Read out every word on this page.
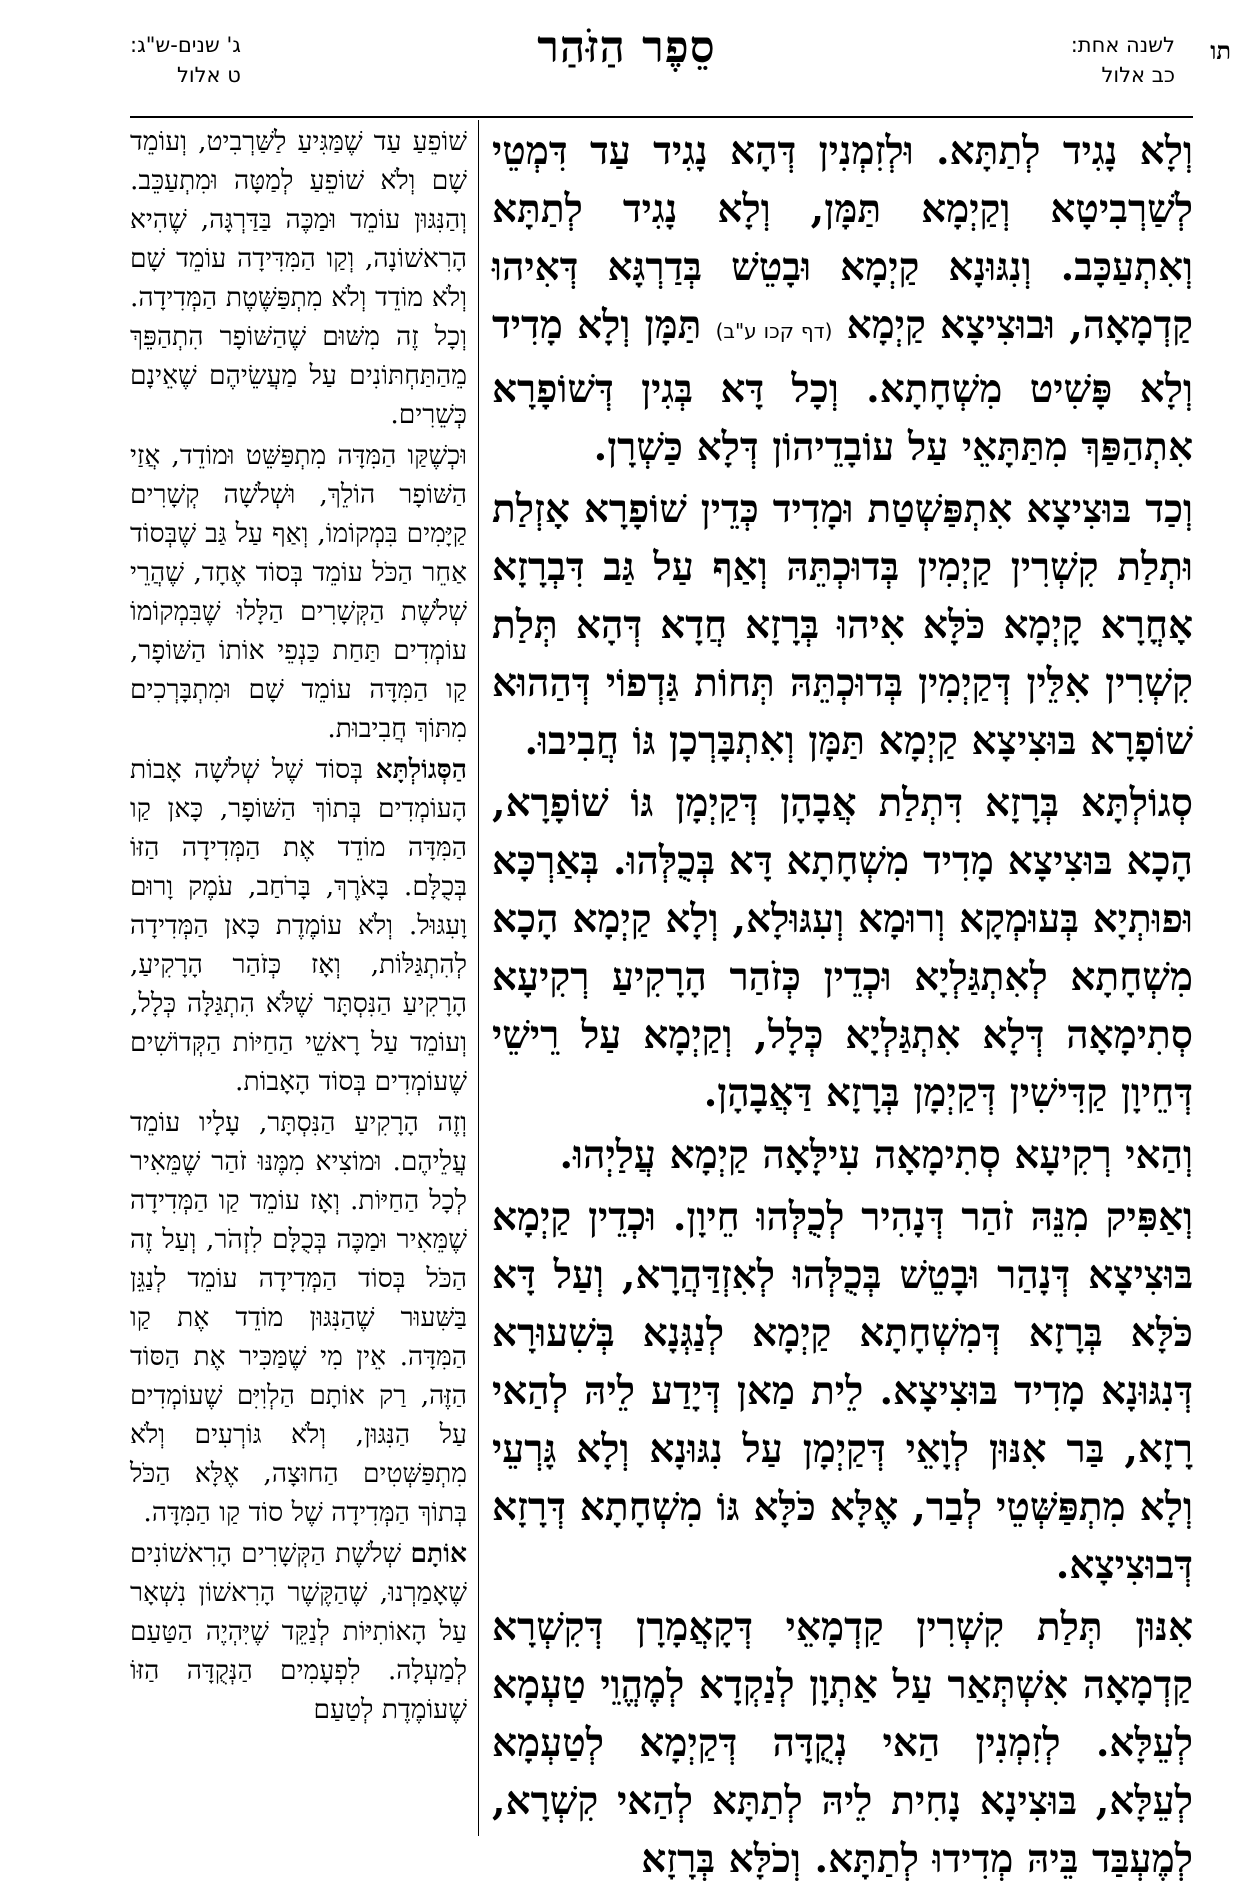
תו
לשנה אחת:
כב אלול
סֵפֶר הַזֹּהַר
ג' שנים-ש"ג:
ט אלול

וְלָא נָגִיד לְתַתָּא. וּלְזִמְנִין דְּהָא נָגִיד עַד דִּמְטֵי לְשַׁרְבִיטָא וְקַיְמָא תַּמָּן, וְלָא נָגִיד לְתַתָּא וְאִתְעַכָּב. וְנִגּוּנָא קַיְמָא וּבָטֵשׁ בְּדַרְגָּא דְּאִיהוּ קַדְמָאָה, וּבוּצִיצָא קַיְמָא (דף קכו ע"ב) תַּמָּן וְלָא מָדִיד וְלָא פָּשִׁיט מִשְׁחָתָא. וְכָל דָּא בְּגִין דְּשׁוֹפָרָא אִתְהַפַּךְ מִתַּתָּאֵי עַל עוֹבָדֵיהוֹן דְּלָא כַּשְׁרָן.

וְכַד בּוּצִיצָא אִתְפַּשְׁטַת וּמָדִיד כְּדֵין שׁוֹפָרָא אָזְלַת וּתְלַת קִשְׁרִין קַיְמִין בְּדוּכְתֵּהּ וְאַף עַל גַּב דִּבְרָזָא אָחֳרָא קָיְמָא כֹּלָּא אִיהוּ בְּרָזָא חֲדָא דְּהָא תְּלַת קִשְׁרִין אִלֵּין דְּקַיְמִין בְּדוּכְתֵּהּ תְּחוֹת גַּדְפוֹי דְּהַהוּא שׁוֹפָרָא בּוּצִיצָא קַיְמָא תַּמָּן וְאִתְבָּרְכָן גּוֹ חֲבִיבוּ.

סְגוֹלְתָּא בְּרָזָא דִּתְלַת אֲבָהָן דְּקַיְמָן גּוֹ שׁוֹפָרָא, הָכָא בּוּצִיצָא מָדִיד מִשְׁחָתָא דָּא בְּכֻלְּהוּ. בְּאַרְכָּא וּפוּתְיָא בְּעוּמְקָא וְרוּמָא וְעִגּוּלָא, וְלָא קַיְמָא הָכָא מִשְׁחָתָא לְאִתְגַּלְיָא וּכְדֵין כְּזֹהַר הָרָקִיעַ רְקִיעָא סְתִימָאָה דְּלָא אִתְגַּלְיָא כְּלָל, וְקַיְמָא עַל רֵישֵׁי דְּחֵיוָן קַדִּישִׁין דְּקַיְמָן בְּרָזָא דַּאֲבָהָן.

וְהַאי רְקִיעָא סְתִימָאָה עִילָּאָה קַיְמָא עֲלַיְהוּ.

וְאַפִּיק מִנֵּהּ זֹהַר דְּנָהִיר לְכֻלְּהוּ חֵיוָן. וּכְדֵין קַיְמָא בּוּצִיצָא דְּנָהַר וּבָטֵשׁ בְּכֻלְּהוּ לְאִזְדַּהֲרָא, וְעַל דָּא כֹּלָּא בְּרָזָא דְּמִשְׁחָתָא קַיְמָא לְנַגְּנָא בְּשִׁעוּרָא דְּנִגּוּנָא מָדִיד בּוּצִיצָא. לֵית מַאן דְּיָדַע לֵיהּ לְהַאי רָזָא, בַּר אִנּוּן לְוָאֵי דְּקַיְמָן עַל נִגּוּנָא וְלָא גָּרְעֵי וְלָא מִתְפַּשְּׁטֵי לְבַר, אֶלָּא כֹּלָּא גּוֹ מִשְׁחָתָא דְּרָזָא דְּבוּצִיצָא.

אִנּוּן תְּלַת קִשְׁרִין קַדְמָאֵי דְּקָאֲמָרָן דְּקִשְׁרָא קַדְמָאָה אִשְׁתְּאַר עַל אַתְוָן לְנַקְדָא לְמֶהֱוֵי טַעְמָא לְעֵלָּא. לְזִמְנִין הַאי נְקֻדָּה דְּקַיְמָא לְטַעְמָא לְעֵלָּא, בּוּצִינָא נָחִית לֵיהּ לְתַתָּא לְהַאי קִשְׁרָא, לְמֶעְבַּד בֵּיהּ מְדִידוּ לְתַתָּא. וְכֹלָּא בְּרָזָא

שׁוֹפֵעַ עַד שֶׁמַּגִּיעַ לַשַּׁרְבִיט, וְעוֹמֵד שָׁם וְלֹא שׁוֹפֵעַ לְמַטָּה וּמִתְעַכֵּב. וְהַנִּגּוּן עוֹמֵד וּמַכֶּה בַּדַּרְגָּה, שֶׁהִיא הָרִאשׁוֹנָה, וְקַו הַמִּדִּידָה עוֹמֵד שָׁם וְלֹא מוֹדֵד וְלֹא מִתְפַּשֶּׁטֶת הַמְּדִידָה. וְכָל זֶה מִשּׁוּם שֶׁהַשּׁוֹפָר הִתְהַפֵּךְ מֵהַתַּחְתּוֹנִים עַל מַעֲשֵׂיהֶם שֶׁאֵינָם כְּשֵׁרִים.

וּכְשֶׁקַּו הַמִּדָּה מִתְפַּשֵּׁט וּמוֹדֵד, אֲזַי הַשּׁוֹפָר הוֹלֵךְ, וּשְׁלֹשָׁה קְשָׁרִים קַיָּמִים בִּמְקוֹמוֹ, וְאַף עַל גַּב שֶׁבְּסוֹד אַחֵר הַכֹּל עוֹמֵד בְּסוֹד אֶחָד, שֶׁהֲרֵי שְׁלֹשֶׁת הַקְּשָׁרִים הַלָּלוּ שֶׁבִּמְקוֹמוֹ עוֹמְדִים תַּחַת כַּנְפֵי אוֹתוֹ הַשּׁוֹפָר, קַו הַמִּדָּה עוֹמֵד שָׁם וּמִתְבָּרְכִים מִתּוֹךְ חֲבִיבוּת.

הַסְּגוֹלְתָּא בְּסוֹד שֶׁל שְׁלֹשָׁה אָבוֹת הָעוֹמְדִים בְּתוֹךְ הַשּׁוֹפָר, כָּאן קַו הַמִּדָּה מוֹדֵד אֶת הַמְּדִידָה הַזּוֹ בְּכֻלָּם. בָּאֹרֶךְ, בָּרֹחַב, עֹמֶק וָרוּם וָעִגּוּל. וְלֹא עוֹמֶדֶת כָּאן הַמְּדִידָה לְהִתְגַּלּוֹת, וְאָז כְּזֹהַר הָרָקִיעַ, הָרָקִיעַ הַנִּסְתָּר שֶׁלֹּא הִתְגַּלָּה כְּלָל, וְעוֹמֵד עַל רָאשֵׁי הַחַיּוֹת הַקְּדוֹשִׁים שֶׁעוֹמְדִים בְּסוֹד הָאָבוֹת.

וְזֶה הָרָקִיעַ הַנִּסְתָּר, עָלָיו עוֹמֵד עֲלֵיהֶם. וּמוֹצִיא מִמֶּנּוּ זֹהַר שֶׁמֵּאִיר לְכָל הַחַיּוֹת. וְאָז עוֹמֵד קַו הַמְּדִידָה שֶׁמֵּאִיר וּמַכֶּה בְּכֻלָּם לִזְהֹר, וְעַל זֶה הַכֹּל בְּסוֹד הַמְּדִידָה עוֹמֵד לְנַגֵּן בַּשִּׁעוּר שֶׁהַנִּגּוּן מוֹדֵד אֶת קַו הַמִּדָּה. אֵין מִי שֶׁמַּכִּיר אֶת הַסּוֹד הַזֶּה, רַק אוֹתָם הַלְוִיִּם שֶׁעוֹמְדִים עַל הַנִּגּוּן, וְלֹא גּוֹרְעִים וְלֹא מִתְפַּשְּׁטִים הַחוּצָה, אֶלָּא הַכֹּל בְּתוֹךְ הַמְּדִידָה שֶׁל סוֹד קַו הַמִּדָּה.

אוֹתָם שְׁלֹשֶׁת הַקְּשָׁרִים הָרִאשׁוֹנִים שֶׁאָמַרְנוּ, שֶׁהַקֶּשֶׁר הָרִאשׁוֹן נִשְׁאָר עַל הָאוֹתִיּוֹת לְנַקֵּד שֶׁיִּהְיֶה הַטַּעַם לְמַעְלָה. לִפְעָמִים הַנְּקֻדָּה הַזּוֹ שֶׁעוֹמֶדֶת לְטַעַם
